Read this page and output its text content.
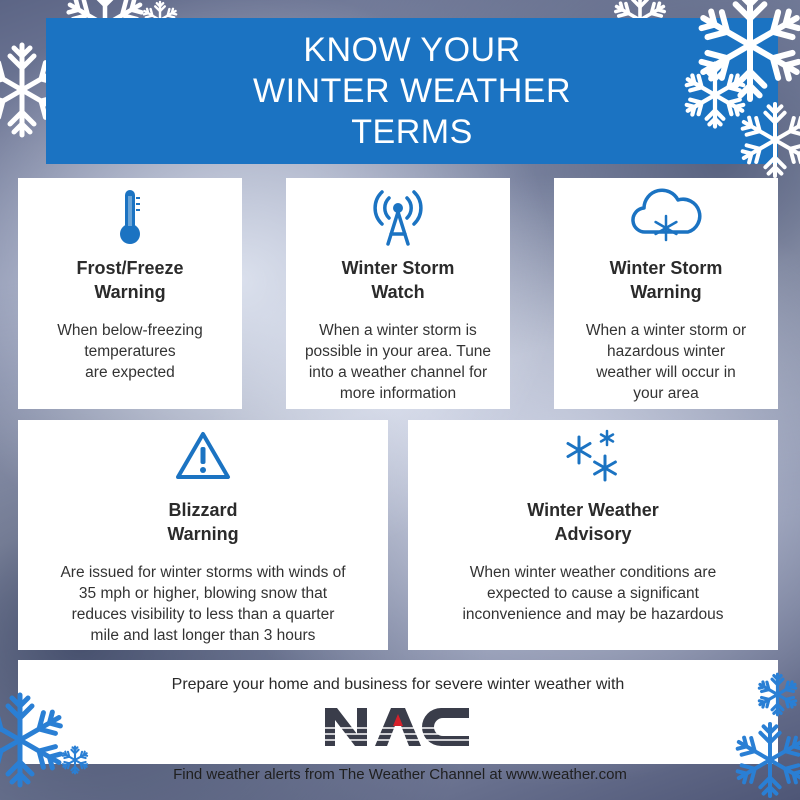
KNOW YOUR
WINTER WEATHER
TERMS
Frost/Freeze
Warning
When below-freezing
temperatures
are expected
Winter Storm
Watch
When a winter storm is
possible in your area. Tune
into a weather channel for
more information
Winter Storm
Warning
When a winter storm or
hazardous winter
weather will occur in
your area
Blizzard
Warning
Are issued for winter storms with winds of
35 mph or higher, blowing snow that
reduces visibility to less than a quarter
mile and last longer than 3 hours
Winter Weather
Advisory
When winter weather conditions are
expected to cause a significant
inconvenience and may be hazardous
Prepare your home and business for severe winter weather with
NAC
Find weather alerts from The Weather Channel at www.weather.com
